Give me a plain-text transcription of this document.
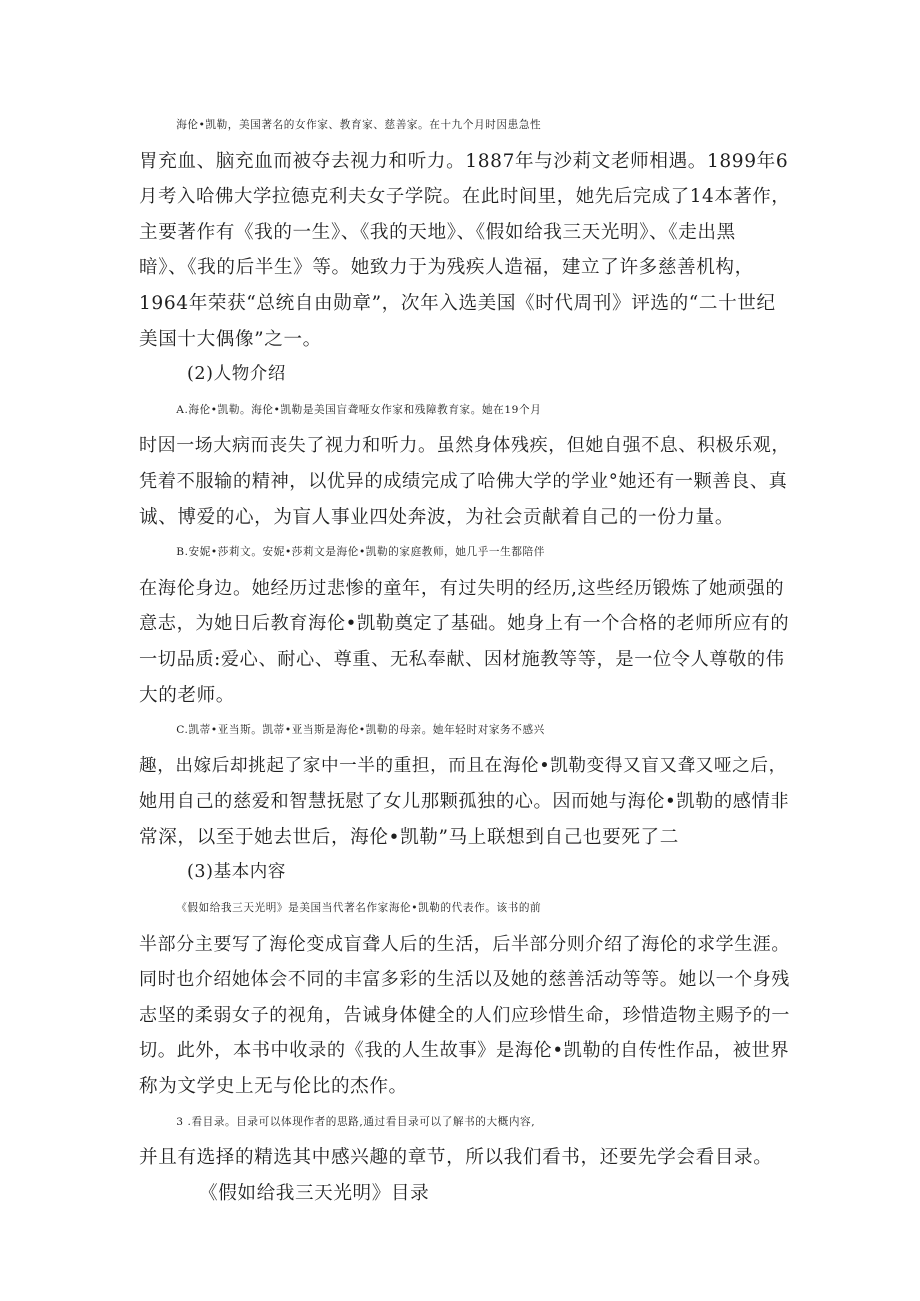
海伦•凯勒，美国著名的女作家、教育家、慈善家。在十九个月时因患急性
胃充血、脑充血而被夺去视力和听力。1887年与沙莉文老师相遇。1899年6
月考入哈佛大学拉德克利夫女子学院。在此时间里，她先后完成了14本著作，
主要著作有《我的一生》、《我的天地》、《假如给我三天光明》、《走出黑
暗》、《我的后半生》等。她致力于为残疾人造福，建立了许多慈善机构，
1964年荣获“总统自由勋章”，次年入选美国《时代周刊》评选的“二十世纪
美国十大偶像”之一。

(2)人物介绍

A.海伦•凯勒。海伦•凯勒是美国盲聋哑女作家和残障教育家。她在19个月
时因一场大病而丧失了视力和听力。虽然身体残疾，但她自强不息、积极乐观，
凭着不服输的精神，以优异的成绩完成了哈佛大学的学业°她还有一颗善良、真
诚、博爱的心，为盲人事业四处奔波，为社会贡献着自己的一份力量。

B.安妮•莎莉文。安妮•莎莉文是海伦•凯勒的家庭教师，她几乎一生都陪伴
在海伦身边。她经历过悲惨的童年，有过失明的经历,这些经历锻炼了她顽强的
意志，为她日后教育海伦•凯勒奠定了基础。她身上有一个合格的老师所应有的
一切品质:爱心、耐心、尊重、无私奉献、因材施教等等，是一位令人尊敬的伟
大的老师。

C.凯蒂•亚当斯。凯蒂•亚当斯是海伦•凯勒的母亲。她年轻时对家务不感兴
趣，出嫁后却挑起了家中一半的重担，而且在海伦•凯勒变得又盲又聋又哑之后，
她用自己的慈爱和智慧抚慰了女儿那颗孤独的心。因而她与海伦•凯勒的感情非
常深，以至于她去世后，海伦•凯勒”马上联想到自己也要死了二

(3)基本内容

《假如给我三天光明》是美国当代著名作家海伦•凯勒的代表作。该书的前
半部分主要写了海伦变成盲聋人后的生活，后半部分则介绍了海伦的求学生涯。
同时也介绍她体会不同的丰富多彩的生活以及她的慈善活动等等。她以一个身残
志坚的柔弱女子的视角，告诫身体健全的人们应珍惜生命，珍惜造物主赐予的一
切。此外，本书中收录的《我的人生故事》是海伦•凯勒的自传性作品，被世界
称为文学史上无与伦比的杰作。

3 .看目录。目录可以体现作者的思路,通过看目录可以了解书的大概内容,
并且有选择的精选其中感兴趣的章节，所以我们看书，还要先学会看目录。

《假如给我三天光明》目录
